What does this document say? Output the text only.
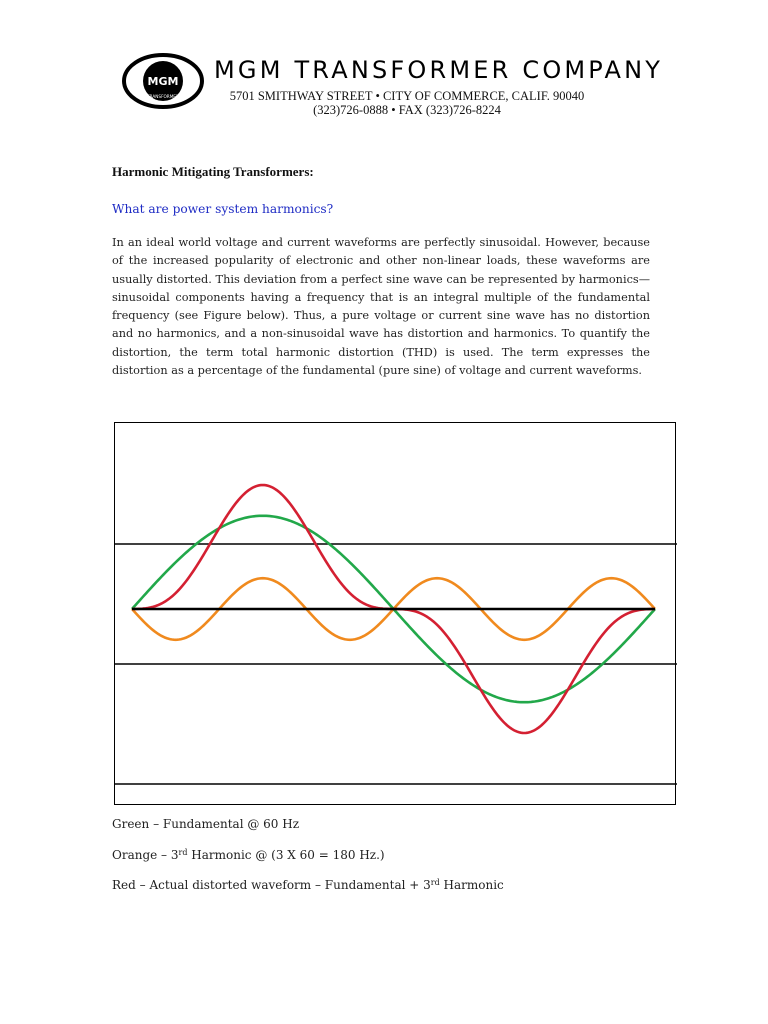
MGM
TRANSFORMER
MGM TRANSFORMER COMPANY

5701 SMITHWAY STREET • CITY OF COMMERCE, CALIF. 90040

(323)726-0888 • FAX (323)726-8224

Harmonic Mitigating Transformers:

What are power system harmonics?

In an ideal world voltage and current waveforms are perfectly sinusoidal. However, because of the increased popularity of electronic and other non-linear loads, these waveforms are usually distorted. This deviation from a perfect sine wave can be represented by harmonics—sinusoidal components having a frequency that is an integral multiple of the fundamental frequency (see Figure below). Thus, a pure voltage or current sine wave has no distortion and no harmonics, and a non-sinusoidal wave has distortion and harmonics. To quantify the distortion, the term total harmonic distortion (THD) is used. The term expresses the distortion as a percentage of the fundamental (pure sine) of voltage and current waveforms.

Green – Fundamental @ 60 Hz

Orange – 3rd Harmonic @ (3 X 60 = 180 Hz.)

Red – Actual distorted waveform – Fundamental + 3rd Harmonic
